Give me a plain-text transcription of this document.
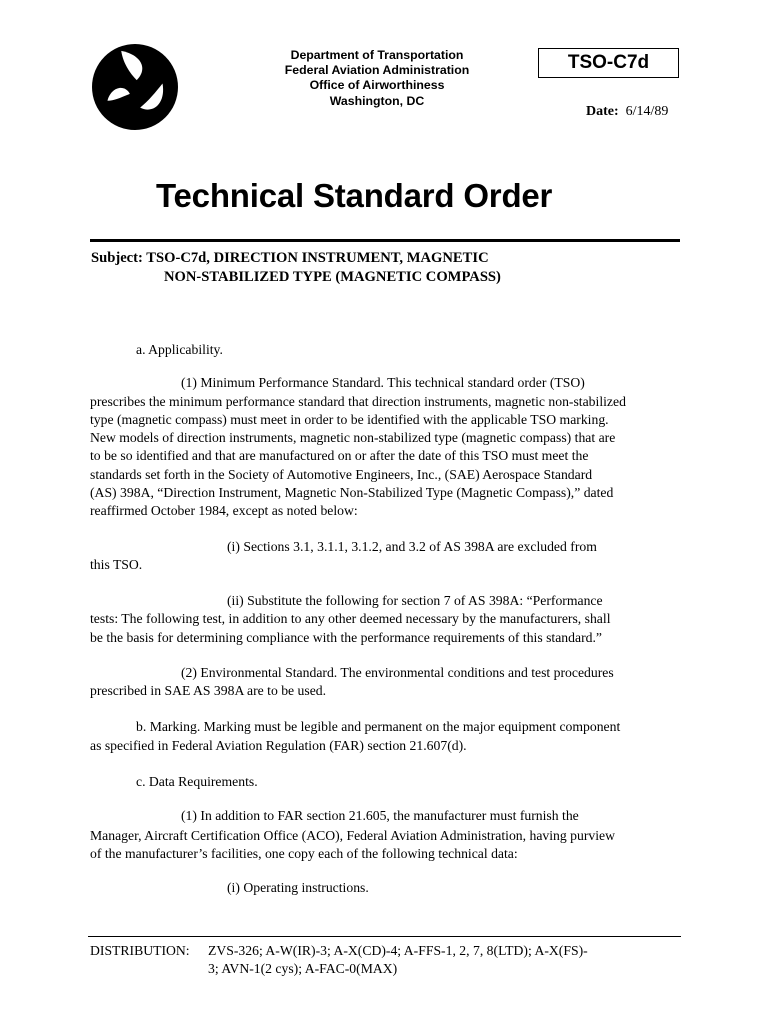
Department of Transportation
Federal Aviation Administration
Office of Airworthiness
Washington, DC
TSO-C7d
Date: 6/14/89
Technical Standard Order
Subject: TSO-C7d, DIRECTION INSTRUMENT, MAGNETIC
NON-STABILIZED TYPE (MAGNETIC COMPASS)
a. Applicability.
(1) Minimum Performance Standard. This technical standard order (TSO)
prescribes the minimum performance standard that direction instruments, magnetic non-stabilized
type (magnetic compass) must meet in order to be identified with the applicable TSO marking.
New models of direction instruments, magnetic non-stabilized type (magnetic compass) that are
to be so identified and that are manufactured on or after the date of this TSO must meet the
standards set forth in the Society of Automotive Engineers, Inc., (SAE) Aerospace Standard
(AS) 398A, “Direction Instrument, Magnetic Non-Stabilized Type (Magnetic Compass),” dated
reaffirmed October 1984, except as noted below:
(i) Sections 3.1, 3.1.1, 3.1.2, and 3.2 of AS 398A are excluded from
this TSO.
(ii) Substitute the following for section 7 of AS 398A: “Performance
tests: The following test, in addition to any other deemed necessary by the manufacturers, shall
be the basis for determining compliance with the performance requirements of this standard.”
(2) Environmental Standard. The environmental conditions and test procedures
prescribed in SAE AS 398A are to be used.
b. Marking. Marking must be legible and permanent on the major equipment component
as specified in Federal Aviation Regulation (FAR) section 21.607(d).
c. Data Requirements.
(1) In addition to FAR section 21.605, the manufacturer must furnish the
Manager, Aircraft Certification Office (ACO), Federal Aviation Administration, having purview
of the manufacturer’s facilities, one copy each of the following technical data:
(i) Operating instructions.
DISTRIBUTION: ZVS-326; A-W(IR)-3; A-X(CD)-4; A-FFS-1, 2, 7, 8(LTD); A-X(FS)-
3; AVN-1(2 cys); A-FAC-0(MAX)
